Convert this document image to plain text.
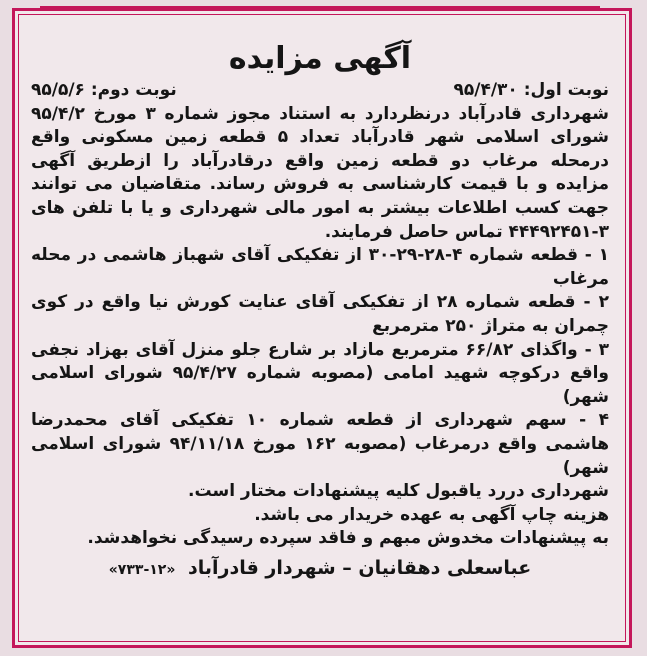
آگهی مزایده
نوبت اول: ۹۵/۴/۳۰
نوبت دوم: ۹۵/۵/۶

شهرداری قادرآباد درنظردارد به استناد مجوز شماره ۳ مورخ ۹۵/۴/۲ شورای اسلامی شهر قادرآباد تعداد ۵ قطعه زمین مسکونی واقع درمحله مرغاب دو قطعه زمین واقع درقادرآباد را ازطریق آگهی مزایده و با قیمت کارشناسی به فروش رساند. متقاضیان می توانند جهت کسب اطلاعات بیشتر به امور مالی شهرداری و یا با تلفن های ۳-۴۴۴۹۲۴۵۱ تماس حاصل فرمایند.

۱ - قطعه شماره ۴-۲۸-۲۹-۳۰ از تفکیکی آقای شهباز هاشمی در محله مرغاب

۲ - قطعه شماره ۲۸ از تفکیکی آقای عنایت کورش نیا واقع در کوی چمران به متراژ ۲۵۰ مترمربع

۳ - واگذای ۶۶/۸۲ مترمربع مازاد بر شارع جلو منزل آقای بهزاد نجفی واقع درکوچه شهید امامی (مصوبه شماره ۹۵/۴/۲۷ شورای اسلامی شهر)

۴ - سهم شهرداری از قطعه شماره ۱۰ تفکیکی آقای محمدرضا هاشمی واقع درمرغاب (مصوبه ۱۶۲ مورخ ۹۴/۱۱/۱۸ شورای اسلامی شهر)

شهرداری دررد یاقبول کلیه پیشنهادات مختار است.

هزینه چاپ آگهی به عهده خریدار می باشد.

به پیشنهادات مخدوش مبهم و فاقد سپرده رسیدگی نخواهدشد.

عباسعلی دهقانیان – شهردار قادرآباد «۱۲-۷۳۳»
